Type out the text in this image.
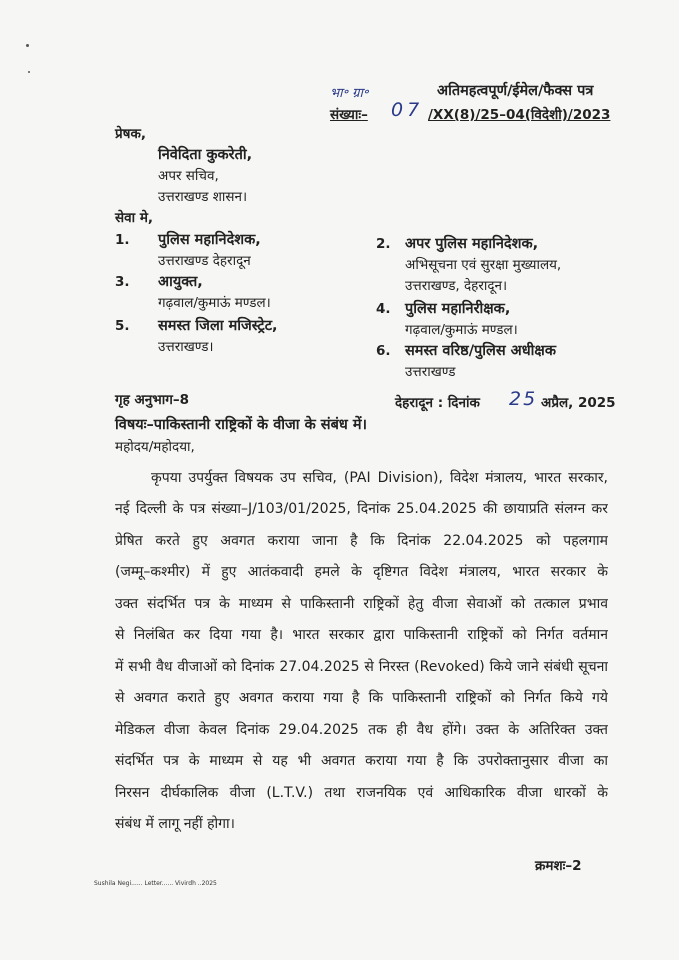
भा॰ ग्रा॰	अतिमहत्वपूर्ण/ईमेल/फैक्स पत्र
संख्याः– 07 /XX(8)/25–04(विदेशी)/2023
प्रेषक,
निवेदिता कुकरेती,
अपर सचिव,
उत्तराखण्ड शासन।
सेवा मे,
1. पुलिस महानिदेशक,
उत्तराखण्ड देहरादून
2. अपर पुलिस महानिदेशक,
अभिसूचना एवं सुरक्षा मुख्यालय,
उत्तराखण्ड, देहरादून।
3. आयुक्त,
गढ़वाल/कुमाऊं मण्डल।	4. पुलिस महानिरीक्षक,
गढ़वाल/कुमाऊं मण्डल।
5. समस्त जिला मजिस्ट्रेट,
उत्तराखण्ड।	6. समस्त वरिष्ठ/पुलिस अधीक्षक
उत्तराखण्ड
गृह अनुभाग–8	देहरादून : दिनांक 25 अप्रैल, 2025
विषयः–पाकिस्तानी राष्ट्रिकों के वीजा के संबंध में।
महोदय/महोदया,
कृपया उपर्युक्त विषयक उप सचिव, (PAI Division), विदेश मंत्रालय, भारत सरकार,
नई दिल्ली के पत्र संख्या–J/103/01/2025, दिनांक 25.04.2025 की छायाप्रति संलग्न कर
प्रेषित करते हुए अवगत कराया जाना है कि दिनांक 22.04.2025 को पहलगाम
(जम्मू–कश्मीर) में हुए आतंकवादी हमले के दृष्टिगत विदेश मंत्रालय, भारत सरकार के
उक्त संदर्भित पत्र के माध्यम से पाकिस्तानी राष्ट्रिकों हेतु वीजा सेवाओं को तत्काल प्रभाव
से निलंबित कर दिया गया है। भारत सरकार द्वारा पाकिस्तानी राष्ट्रिकों को निर्गत वर्तमान
में सभी वैध वीजाओं को दिनांक 27.04.2025 से निरस्त (Revoked) किये जाने संबंधी सूचना
से अवगत कराते हुए अवगत कराया गया है कि पाकिस्तानी राष्ट्रिकों को निर्गत किये गये
मेडिकल वीजा केवल दिनांक 29.04.2025 तक ही वैध होंगे। उक्त के अतिरिक्त उक्त
संदर्भित पत्र के माध्यम से यह भी अवगत कराया गया है कि उपरोक्तानुसार वीजा का
निरसन दीर्घकालिक वीजा (L.T.V.) तथा राजनयिक एवं आधिकारिक वीजा धारकों के
संबंध में लागू नहीं होगा।
क्रमशः–2
Sushila Negi...... Letter...... Vivirdh ..2025
